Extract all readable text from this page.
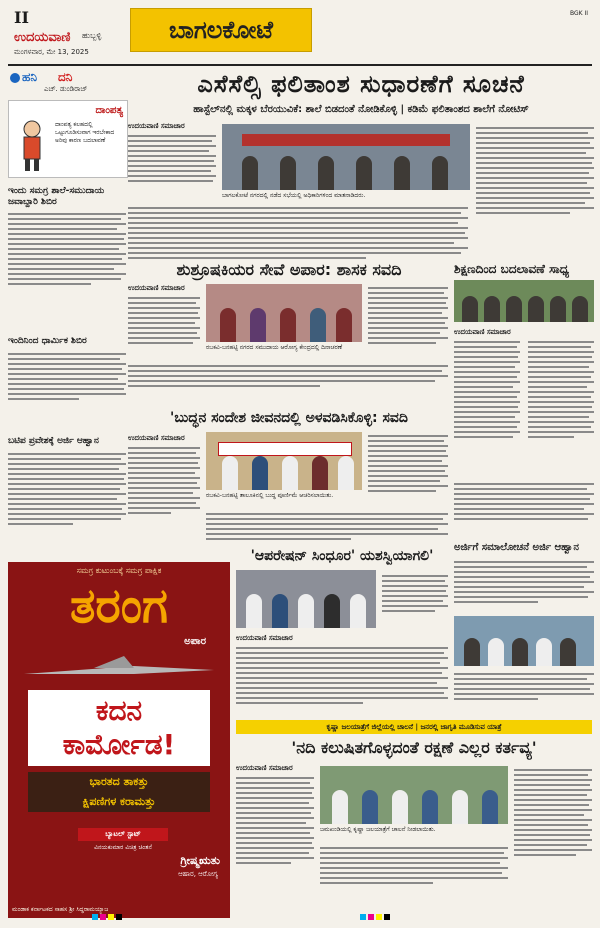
II
ಉದಯವಾಣಿ ಹುಬ್ಬಳ್ಳಿ
ಮಂಗಳವಾರ, ಮೇ 13, 2025
ಬಾಗಲಕೋಟೆ
BGK II
ಹನಿ ದನಿ
ಎಚ್‌. ಡುಂಡಿರಾಜ್‌
ದಾಂಪತ್ಯ
ದಾಂಪತ್ಯ ಕಲಹದಲ್ಲಿ ಒಟ್ಟುಗೂಡಿಸುವಾಗ ಇರಬೇಕಾದ ಅರಿವು ಕಾರಣ ಬದಲಾವಣೆ
ಇಂದು ಸಮಗ್ರ ಶಾಲೆ-ಸಮುದಾಯ ಜವಾಬ್ದಾರಿ ಶಿಬಿರ
ಇಂದಿನಿಂದ ಧಾರ್ಮಿಕ ಶಿಬಿರ
ಬಟಿಪ ಪ್ರವೇಶಕ್ಕೆ ಅರ್ಜಿ ಆಹ್ವಾನ
ಎಸೆಸೆಲ್ಸಿ ಫಲಿತಾಂಶ ಸುಧಾರಣೆಗೆ ಸೂಚನೆ
ಹಾಸ್ಟೆಲ್‌ನಲ್ಲಿ ಮಕ್ಕಳ ಬೆರಯುವಿಕೆ: ಶಾಲೆ ಬಿಡದಂತೆ ನೋಡಿಕೊಳ್ಳಿ | ಕಡಿಮೆ ಫಲಿತಾಂಶದ ಶಾಲೆಗೆ ನೋಟಿಸ್‌
ಉದಯವಾಣಿ ಸಮಾಚಾರ
ಬಾಗಲಕೋಟೆ ನಗರದಲ್ಲಿ ನಡೆದ ಸಭೆಯಲ್ಲಿ ಅಧಿಕಾರಿಗಳಿಂದ ಮಾತನಾಡಿದರು.
ಶುಶ್ರೂಷಕಿಯರ ಸೇವೆ ಅಪಾರ: ಶಾಸಕ ಸವದಿ
ಉದಯವಾಣಿ ಸಮಾಚಾರ
ರಬಕವಿ-ಬನಹಟ್ಟಿ ನಗರದ ಸಮುದಾಯ ಆರೋಗ್ಯ ಕೇಂದ್ರದಲ್ಲಿ ದಿನಾಚರಣೆ
ಶಿಕ್ಷಣದಿಂದ ಬದಲಾವಣೆ ಸಾಧ್ಯ
ಉದಯವಾಣಿ ಸಮಾಚಾರ
'ಬುದ್ಧನ ಸಂದೇಶ ಜೀವನದಲ್ಲಿ ಅಳವಡಿಸಿಕೊಳ್ಳಿ: ಸವದಿ
ಉದಯವಾಣಿ ಸಮಾಚಾರ
ರಬಕವಿ-ಬನಹಟ್ಟಿ ತಾಲೂಕಿನಲ್ಲಿ ಬುದ್ಧ ಪೂರ್ಣಿಮೆ ಆಚರಿಸಲಾಯಿತು.
ಅರ್ಜಿಗೆ ಸಮಾಲೋಚನೆ ಅರ್ಜಿ ಆಹ್ವಾನ
'ಆಪರೇಷನ್‌ ಸಿಂಧೂರ' ಯಶಸ್ವಿಯಾಗಲಿ'
ಉದಯವಾಣಿ ಸಮಾಚಾರ
ಕೃಷ್ಣಾ ಜಲಯಾತ್ರೆಗೆ ಜಿಲ್ಲೆಯಲ್ಲಿ ಚಾಲನೆ | ಜನರಲ್ಲಿ ಜಾಗೃತಿ ಮೂಡಿಸುವ ಯಾತ್ರೆ
'ನದಿ ಕಲುಷಿತಗೊಳ್ಳದಂತೆ ರಕ್ಷಣೆ ಎಲ್ಲರ ಕರ್ತವ್ಯ'
ಉದಯವಾಣಿ ಸಮಾಚಾರ
ಜಮಖಂಡಿಯಲ್ಲಿ ಕೃಷ್ಣಾ ಜಲಯಾತ್ರೆಗೆ ಚಾಲನೆ ನೀಡಲಾಯಿತು.
ಸಮಗ್ರ ಕುಟುಂಬಕ್ಕೆ ಸಮಗ್ರ ಪಾಕ್ಷಿಕ
ತರಂಗ
ಅಪಾರ
ಕದನ
ಕಾರ್ಮೋಡ!
ಭಾರತದ ತಾಕತ್ತು
ಕ್ಷಿಪಣಿಗಳ ಕರಾಮತ್ತು
ಬ್ಯಾಟಲ್‌ ಸ್ಟಾಟ್‌
ವಿನಯಕುಮಾರ ವಿಚಿತ್ರ ಚಿಂತನೆ
ಗ್ರೀಷ್ಮಋತು
ಆಹಾರ, ಆರೋಗ್ಯ
ಮಂಡಾಕ ಕರ್ನಾಟಕದ ಸಾಹಸ ಶ್ರೀ ಸಿದ್ಧರಾಮಯ್ಯಾಜ
